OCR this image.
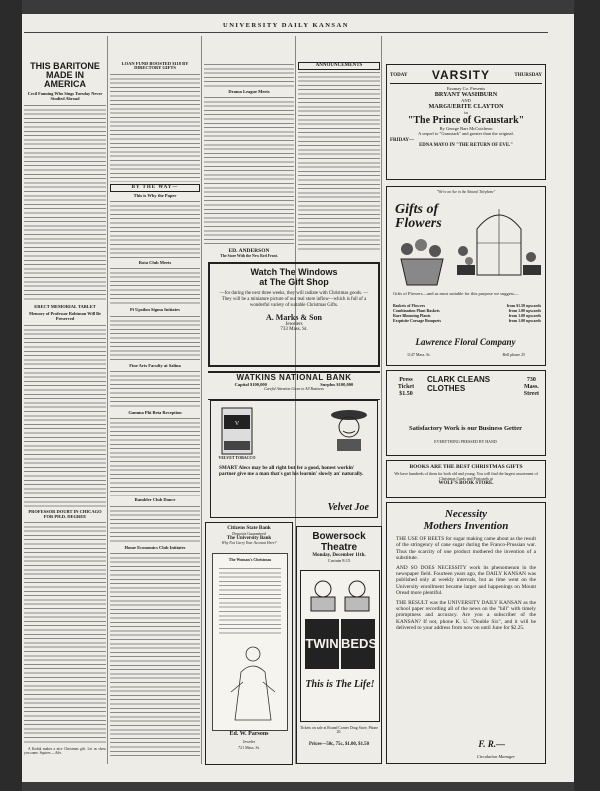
UNIVERSITY DAILY KANSAN
THIS BARITONE MADE IN AMERICA
Cecil Fanning Who Sings Tuesday Never Studied Abroad
ERECT MEMORIAL TABLET
Memory of Professor Robinson Will Be Preserved
PROFESSOR DOUBT IN CHICAGO FOR PH.D. DEGREE
A Kodak makes a nice Christmas gift. Let us show you some. Squires.—Adv.
LOAN FUND BOOSTED $118 BY DIRECTORY GIFTS
BY THE WAY—
This is Why the Paper
Rota Club Meets
Pi Upsilon Sigma Initiates
Fine Arts Faculty at Salina
Gamma Phi Beta Reception
Rambler Club Dance
Home Economics Club Initiates
Drama League Meets
ED. ANDERSON
The Store With the New Red Front.
Citizens State Bank
Deposits Guaranteed
The University Bank
Why Not Carry Your Account Here?
The Woman's Christmas
Ed. W. Parsons
Jeweler
721 Mass. St.
ANNOUNCEMENTS
Watch The Windows
at The Gift Shop
—for during the next three weeks, they will radiate with Christmas goods. —They will be a miniature picture of our real store inflow—which is full of a wonderful variety of suitable Christmas Gifts.
A. Marks & Son
Jewelers
733 Mass. St.
WATKINS NATIONAL BANK
Capital $100,000	Surplus $100,000
Careful Attention Given to All Business
V
VELVET TOBACCO
SMART Alecs may be all right but fer a good, honest workin' partner give me a man that's got his learnin' slowly an' naturally.
Velvet Joe
Bowersock Theatre
Monday, December 11th.
Curtain 8:15
TODAY VARSITY	THURSDAY
Essanay Co. Presents
BRYANT WASHBURN
AND
MARGUERITE CLAYTON
in
"The Prince of Graustark"
By George Barr McCutcheon
A sequel to "Graustark" and greater than the original.
FRIDAY—
EDNA MAYO IN "THE RETURN OF EVE."
"We've an Ace in the Natural Telephone"
Gifts of Flowers
Gifts of Flowers—and as most suitable for this purpose we suggest—
Baskets of Flowers	from $1.50 upwards
Combination Plant Baskets	from 1.00 upwards
Rare Blooming Plants	from 1.00 upwards
Exquisite Corsage Bouquets	from 1.00 upwards
Lawrence Floral Company
1147 Mass. St.	Bell phone 25
Press
Ticket
$1.50
CLARK CLEANS CLOTHES
730
Mass.
Street
Satisfactory Work is our Business Getter
EVERYTHING PRESSED BY HAND
BOOKS ARE THE BEST CHRISTMAS GIFTS
We have hundreds of them for both old and young. You will find the largest assortment of Christmas Cards and Postcards at
WOLF'S BOOK STORE.
Necessity
Mothers Invention
THE USE OF BEETS for sugar making came about as the result of the stringency of cane sugar during the Franco-Prussian war. Thus the scarcity of one product mothered the invention of a substitute.
AND SO DOES NECESSITY work its phenomenon in the newspaper field. Fourteen years ago, the DAILY KANSAN was published only at weekly intervals, but as time went on the University enrollment became larger and happenings on Mount Oread more plentiful.
THE RESULT was the UNIVERSITY DAILY KANSAN as the school paper recording all of the news on the "hill" with timely promptness and accuracy. Are you a subscriber of the KANSAN? If not, phone K. U. "Double Six", and it will be delivered to your address from now on until June for $2.25.
F. R.—
Circulation Manager
TWIN BEDS
This is The Life!
Tickets on sale at Round Corner Drug Store, Phone 20.
Prices—50c, 75c, $1.00, $1.50
